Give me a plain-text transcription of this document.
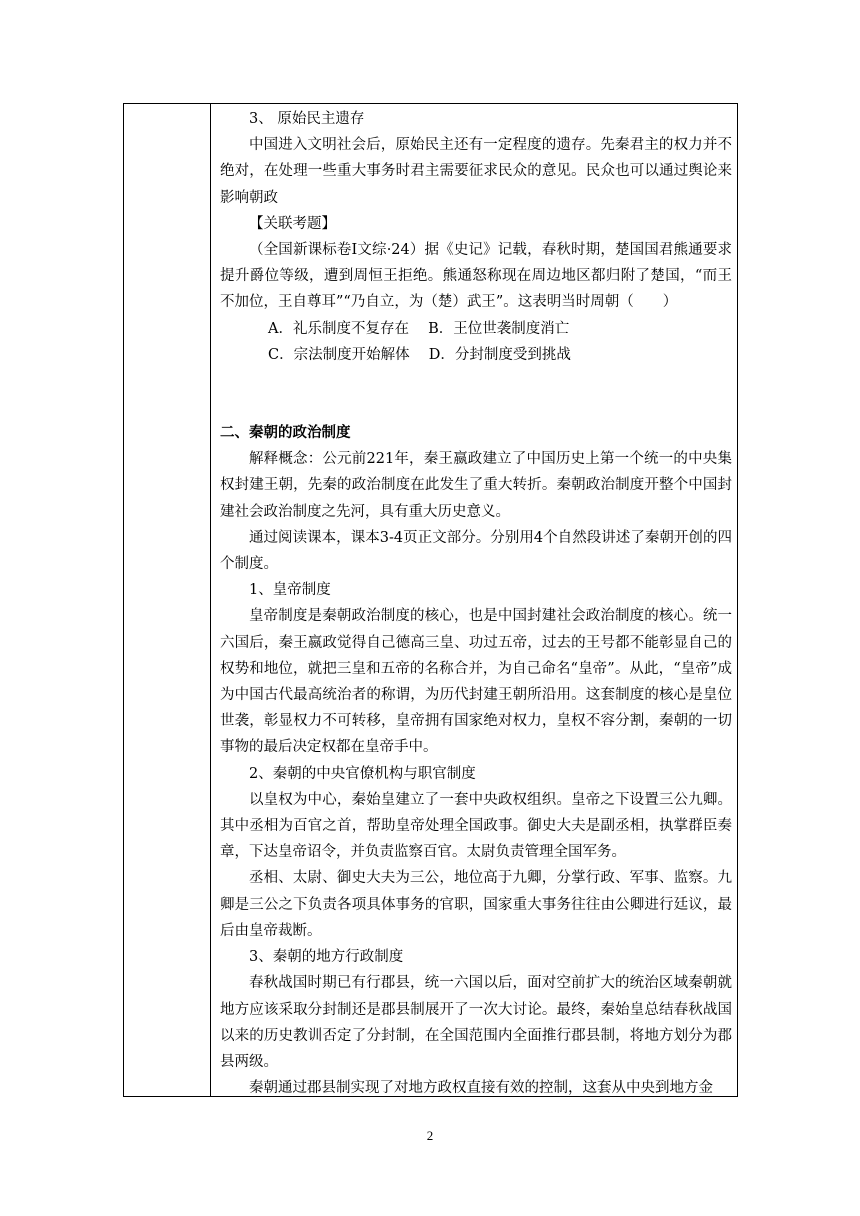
3、 原始民主遗存

中国进入文明社会后，原始民主还有一定程度的遗存。先秦君主的权力并不绝对，在处理一些重大事务时君主需要征求民众的意见。民众也可以通过舆论来影响朝政

【关联考题】

（全国新课标卷Ⅰ文综·24）据《史记》记载，春秋时期，楚国国君熊通要求提升爵位等级，遭到周恒王拒绝。熊通怒称现在周边地区都归附了楚国，“而王不加位，王自尊耳”“乃自立，为（楚）武王”。这表明当时周朝（　　）

A．礼乐制度不复存在　 B．王位世袭制度消亡

C．宗法制度开始解体　 D．分封制度受到挑战

二、秦朝的政治制度

解释概念：公元前221年，秦王嬴政建立了中国历史上第一个统一的中央集权封建王朝，先秦的政治制度在此发生了重大转折。秦朝政治制度开整个中国封建社会政治制度之先河，具有重大历史意义。

通过阅读课本，课本3-4页正文部分。分别用4个自然段讲述了秦朝开创的四个制度。

1、皇帝制度

皇帝制度是秦朝政治制度的核心，也是中国封建社会政治制度的核心。统一六国后，秦王嬴政觉得自己德高三皇、功过五帝，过去的王号都不能彰显自己的权势和地位，就把三皇和五帝的名称合并，为自己命名“皇帝”。从此，“皇帝”成为中国古代最高统治者的称谓，为历代封建王朝所沿用。这套制度的核心是皇位世袭，彰显权力不可转移，皇帝拥有国家绝对权力，皇权不容分割，秦朝的一切事物的最后决定权都在皇帝手中。

2、秦朝的中央官僚机构与职官制度

以皇权为中心，秦始皇建立了一套中央政权组织。皇帝之下设置三公九卿。其中丞相为百官之首，帮助皇帝处理全国政事。御史大夫是副丞相，执掌群臣奏章，下达皇帝诏令，并负责监察百官。太尉负责管理全国军务。

丞相、太尉、御史大夫为三公，地位高于九卿，分掌行政、军事、监察。九卿是三公之下负责各项具体事务的官职，国家重大事务往往由公卿进行廷议，最后由皇帝裁断。

3、秦朝的地方行政制度

春秋战国时期已有行郡县，统一六国以后，面对空前扩大的统治区域秦朝就地方应该采取分封制还是郡县制展开了一次大讨论。最终，秦始皇总结春秋战国以来的历史教训否定了分封制，在全国范围内全面推行郡县制，将地方划分为郡县两级。

秦朝通过郡县制实现了对地方政权直接有效的控制，这套从中央到地方金

2
